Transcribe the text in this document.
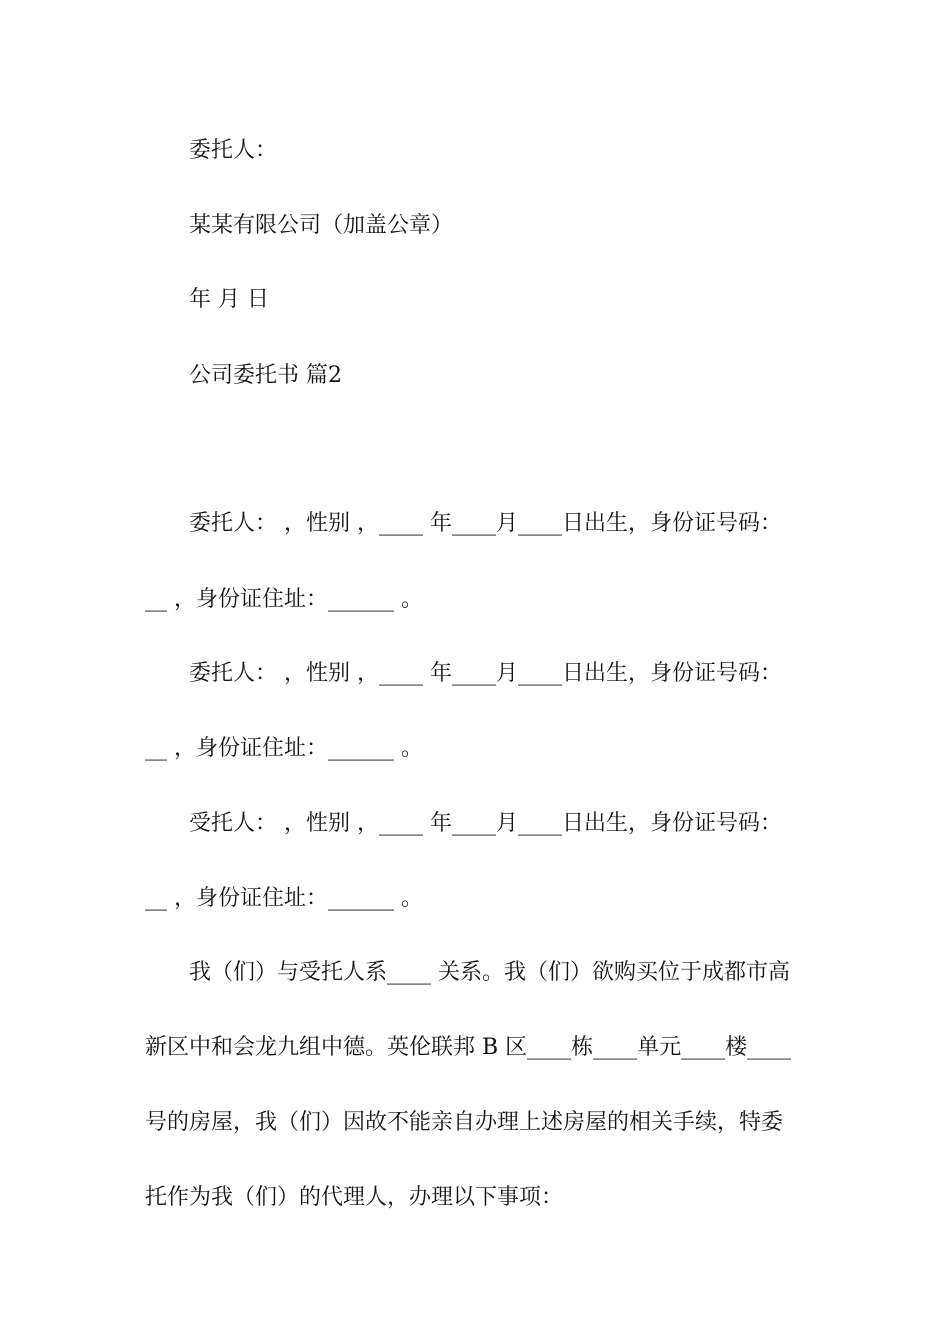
委托人：
某某有限公司（加盖公章）
年 月 日
公司委托书 篇2
委托人： ，性别 ，____ 年____月____日出生，身份证号码：
__ ，身份证住址：______ 。
委托人： ，性别 ，____ 年____月____日出生，身份证号码：
__ ，身份证住址：______ 。
受托人： ，性别 ，____ 年____月____日出生，身份证号码：
__ ，身份证住址：______ 。
我（们）与受托人系____ 关系。我（们）欲购买位于成都市高
新区中和会龙九组中德。英伦联邦 B 区____栋____单元____楼____
号的房屋，我（们）因故不能亲自办理上述房屋的相关手续，特委
托作为我（们）的代理人，办理以下事项：
